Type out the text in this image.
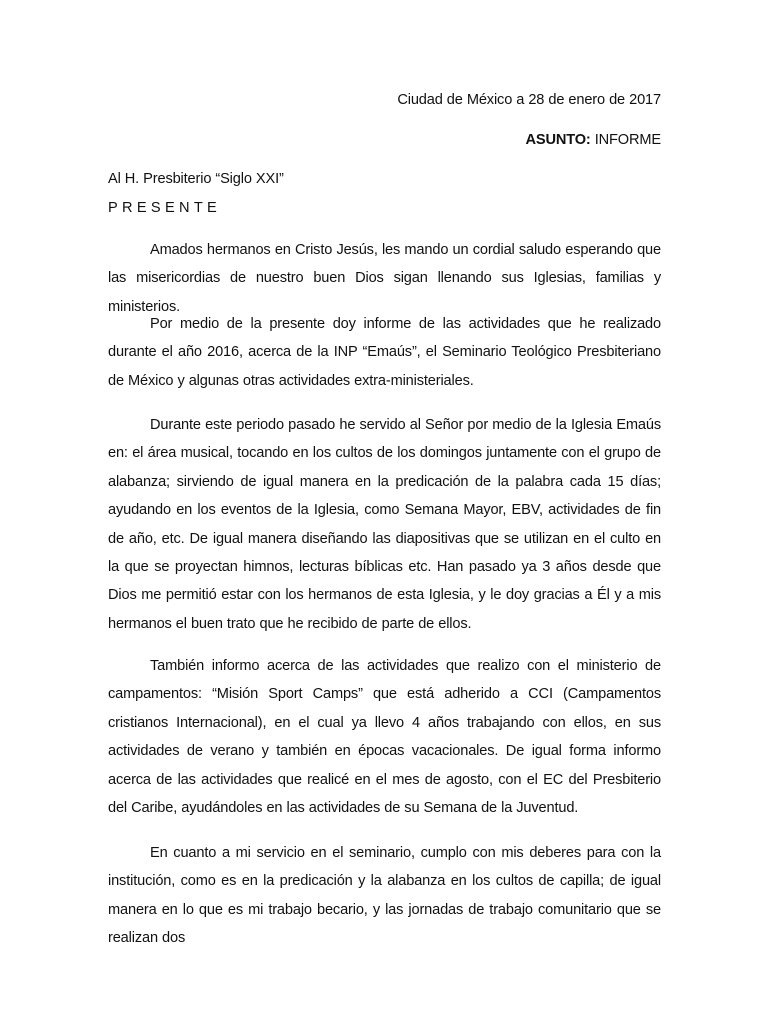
Ciudad de México a 28 de enero de 2017
ASUNTO: INFORME
Al H. Presbiterio “Siglo XXI”
PRESENTE
Amados hermanos en Cristo Jesús, les mando un cordial saludo esperando que las misericordias de nuestro buen Dios sigan llenando sus Iglesias, familias y ministerios.
Por medio de la presente doy informe de las actividades que he realizado durante el año 2016, acerca de la INP “Emaús”, el Seminario Teológico Presbiteriano de México y algunas otras actividades extra-ministeriales.
Durante este periodo pasado he servido al Señor por medio de la Iglesia Emaús en: el área musical, tocando en los cultos de los domingos juntamente con el grupo de alabanza; sirviendo de igual manera en la predicación de la palabra cada 15 días; ayudando en los eventos de la Iglesia, como Semana Mayor, EBV, actividades de fin de año, etc. De igual manera diseñando las diapositivas que se utilizan en el culto en la que se proyectan himnos, lecturas bíblicas etc. Han pasado ya 3 años desde que Dios me permitió estar con los hermanos de esta Iglesia, y le doy gracias a Él y a mis hermanos el buen trato que he recibido de parte de ellos.
También informo acerca de las actividades que realizo con el ministerio de campamentos: “Misión Sport Camps” que está adherido a CCI (Campamentos cristianos Internacional), en el cual ya llevo 4 años trabajando con ellos, en sus actividades de verano y también en épocas vacacionales. De igual forma informo acerca de las actividades que realicé en el mes de agosto, con el EC del Presbiterio del Caribe, ayudándoles en las actividades de su Semana de la Juventud.
En cuanto a mi servicio en el seminario, cumplo con mis deberes para con la institución, como es en la predicación y la alabanza en los cultos de capilla; de igual manera en lo que es mi trabajo becario, y las jornadas de trabajo comunitario que se realizan dos
